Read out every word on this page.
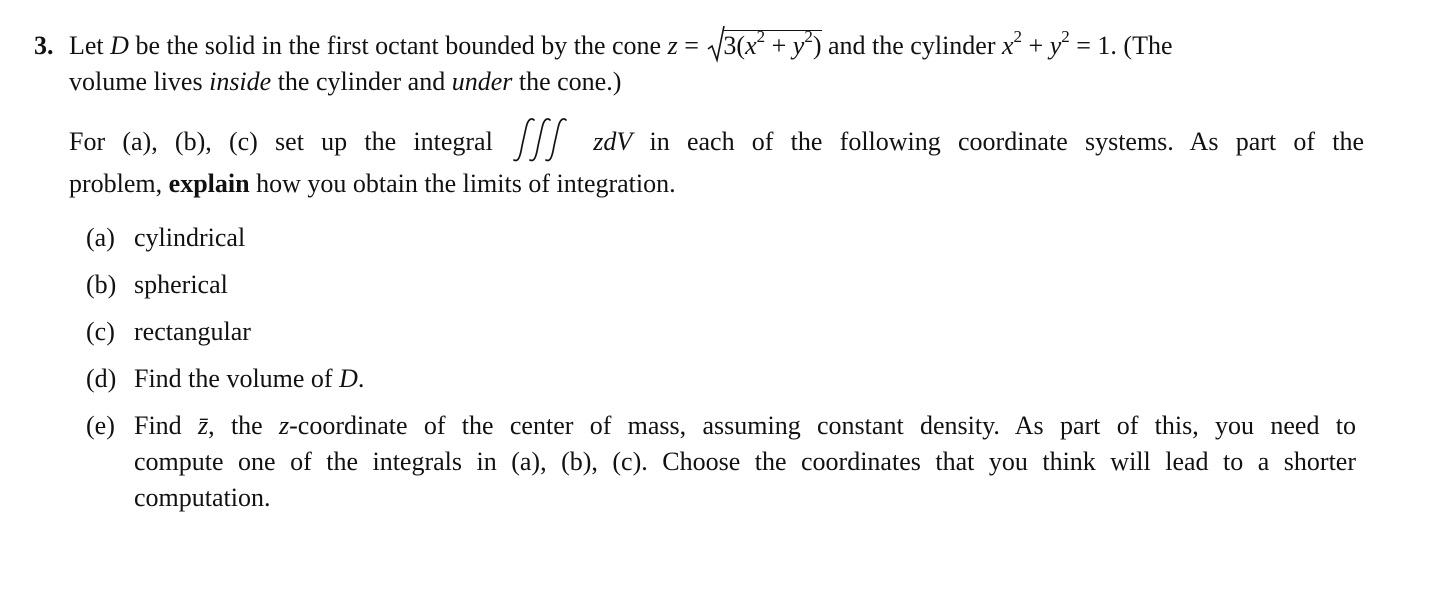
3. Let D be the solid in the first octant bounded by the cone z =
$3(x^2 + y^2)$ and the cylinder $x^2 + y^2 = 1$. (The
volume lives inside the cylinder and under the cone.)
For (a), (b), (c) set up the integral	zdV in each of the following coordinate systems. As part of the
problem, explain how you obtain the limits of integration.
(a) cylindrical
(b) spherical
(c) rectangular
(d) Find the volume of D.
(e) Find z̄, the z-coordinate of the center of mass, assuming constant density. As part of this, you need to
compute one of the integrals in (a), (b), (c). Choose the coordinates that you think will lead to a shorter
computation.
